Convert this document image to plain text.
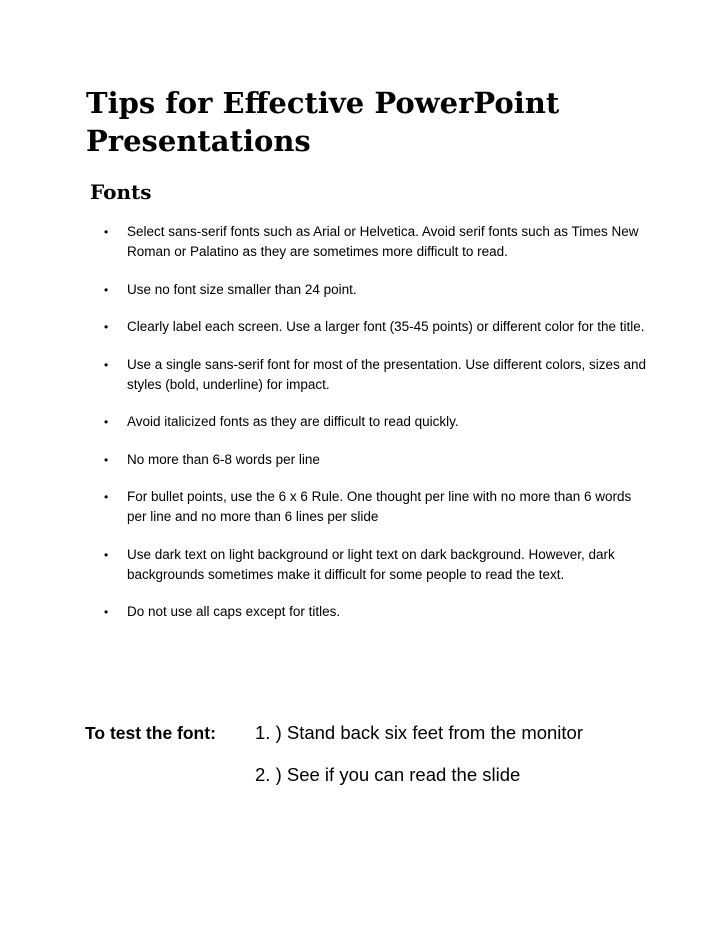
Tips for Effective PowerPoint Presentations
Fonts
• Select sans-serif fonts such as Arial or Helvetica. Avoid serif fonts such as Times New Roman or Palatino as they are sometimes more difficult to read.
• Use no font size smaller than 24 point.
• Clearly label each screen. Use a larger font (35-45 points) or different color for the title.
• Use a single sans-serif font for most of the presentation. Use different colors, sizes and styles (bold, underline) for impact.
• Avoid italicized fonts as they are difficult to read quickly.
• No more than 6-8 words per line
• For bullet points, use the 6 x 6 Rule. One thought per line with no more than 6 words per line and no more than 6 lines per slide
• Use dark text on light background or light text on dark background. However, dark backgrounds sometimes make it difficult for some people to read the text.
• Do not use all caps except for titles.
To test the font: 1. ) Stand back six feet from the monitor
2. ) See if you can read the slide
